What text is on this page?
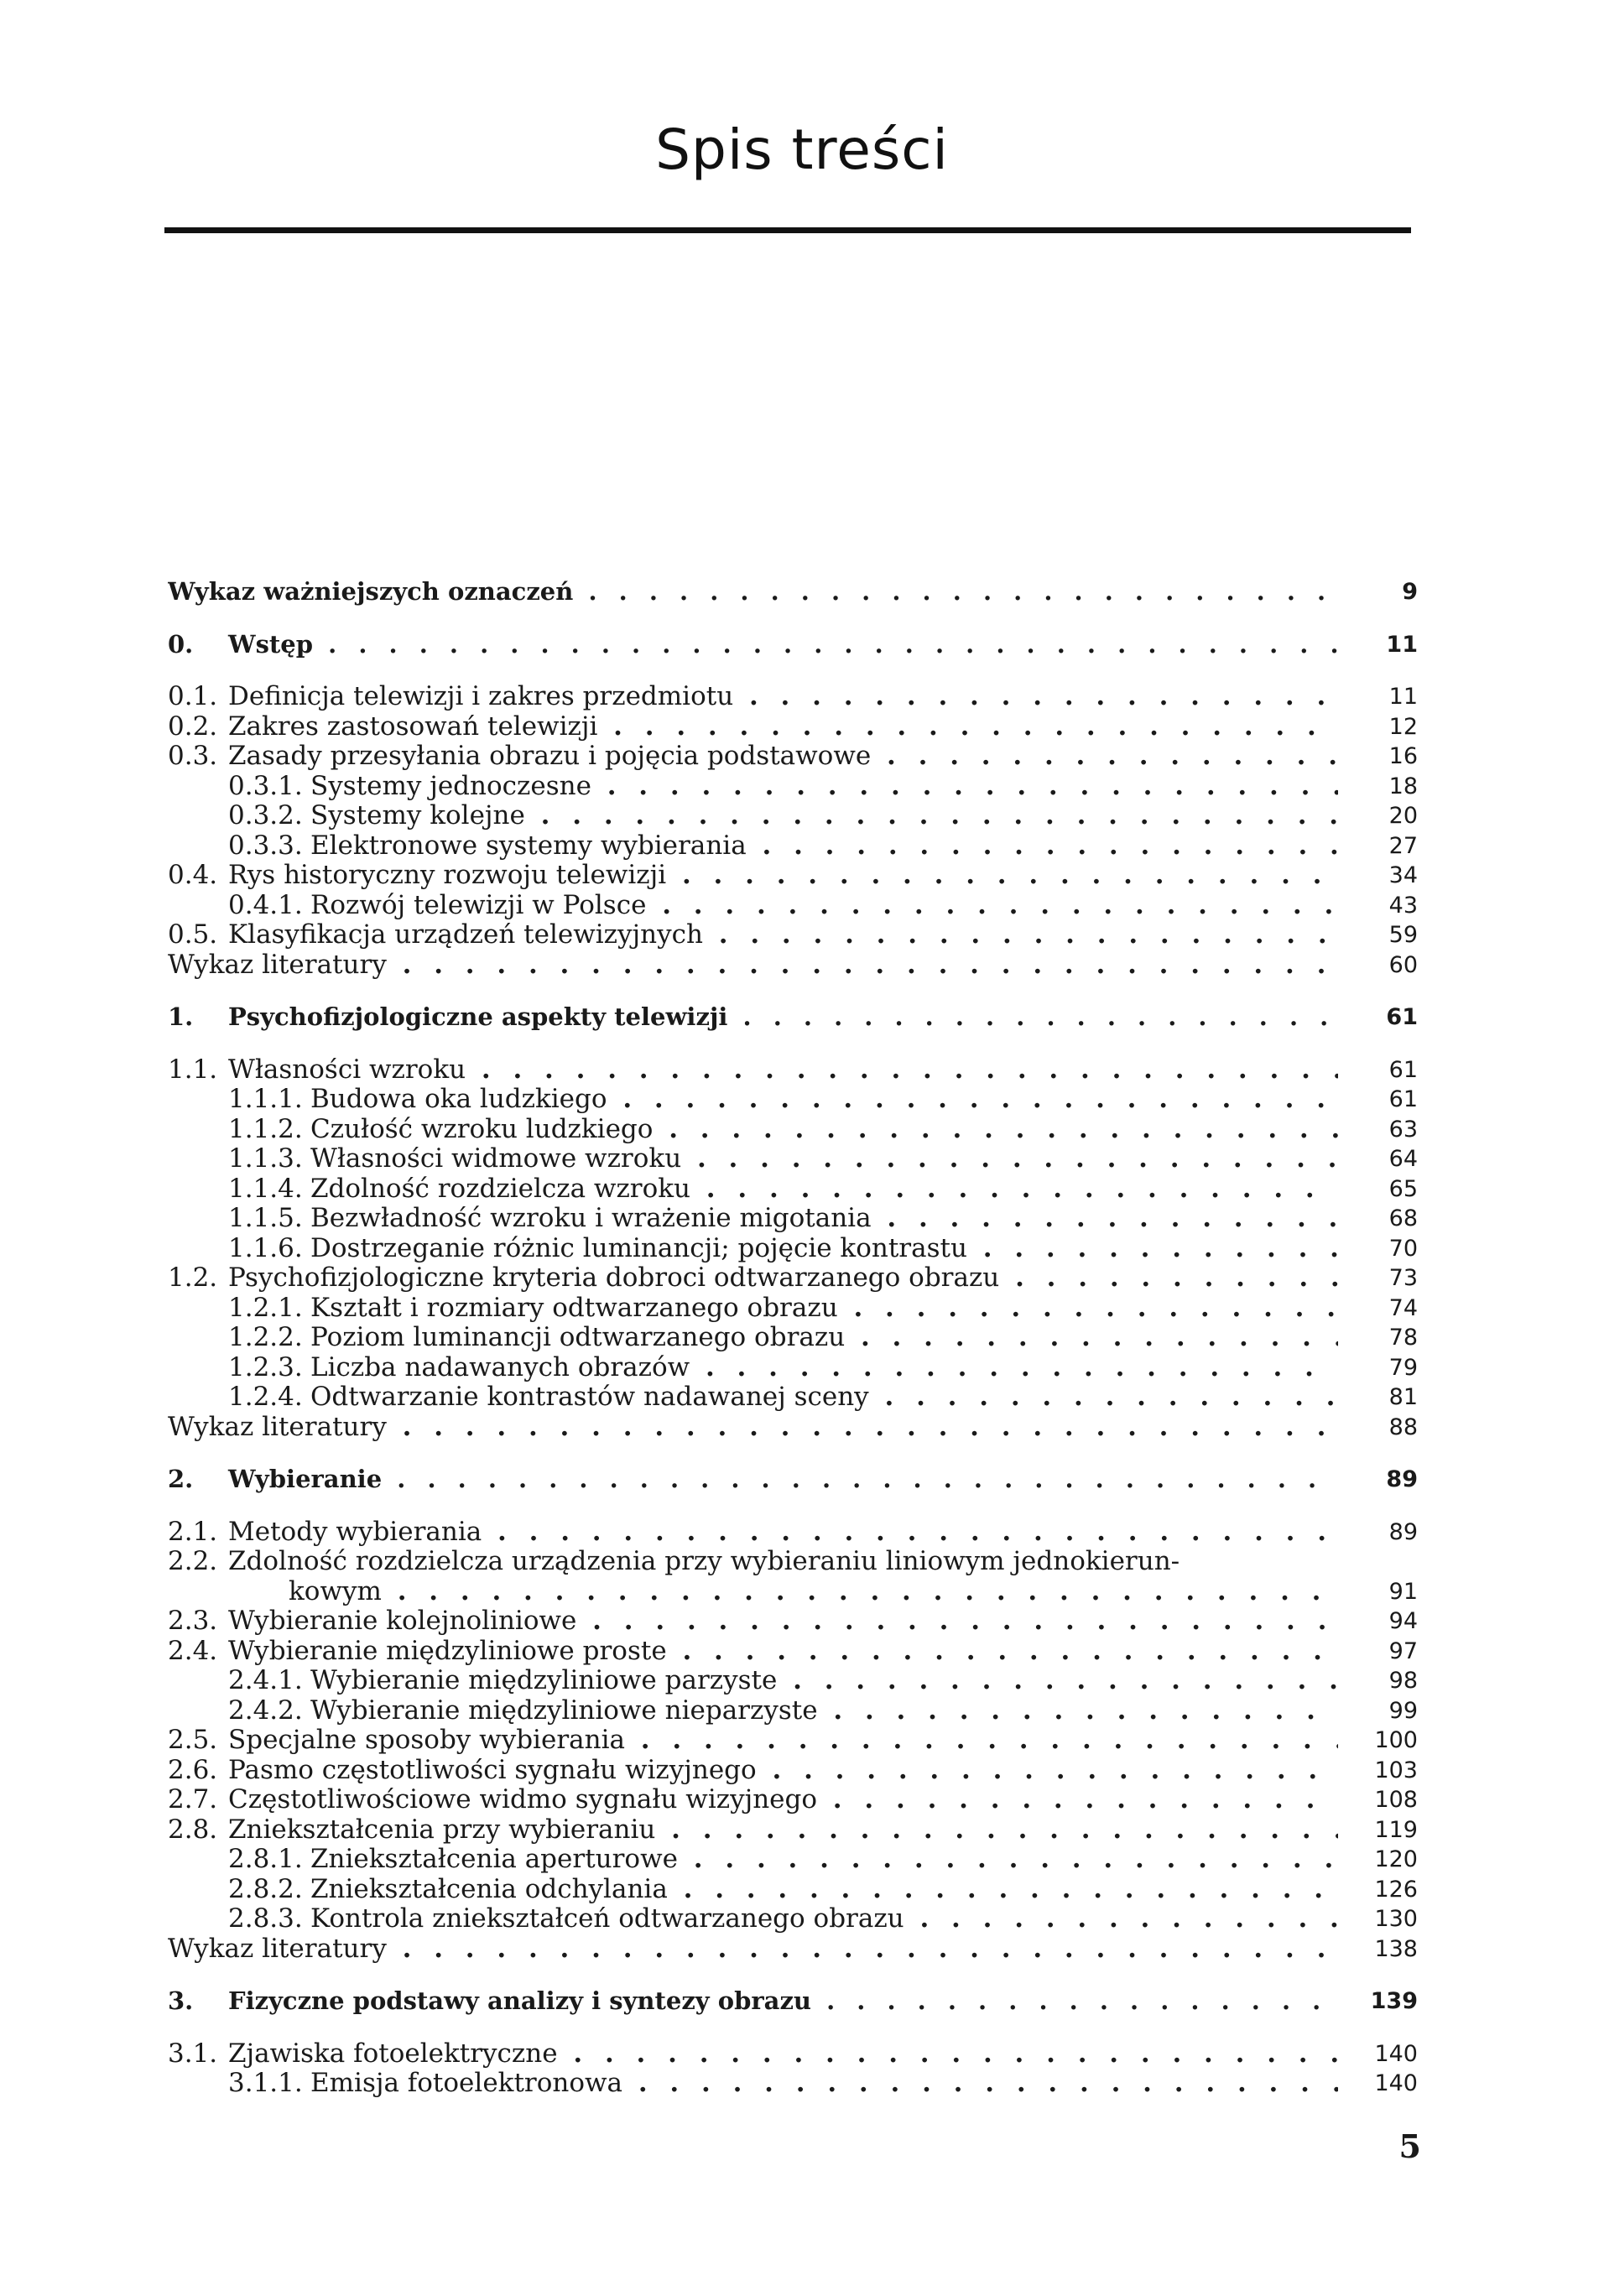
Spis treści
Wykaz ważniejszych oznaczeń . . .	9
0. Wstęp . . .	11
0.1. Definicja telewizji i zakres przedmiotu . . .	11
0.2. Zakres zastosowań telewizji . . .	12
0.3. Zasady przesyłania obrazu i pojęcia podstawowe . . .	16
0.3.1. Systemy jednoczesne . . .	18
0.3.2. Systemy kolejne . . .	20
0.3.3. Elektronowe systemy wybierania . . .	27
0.4. Rys historyczny rozwoju telewizji . . .	34
0.4.1. Rozwój telewizji w Polsce . . .	43
0.5. Klasyfikacja urządzeń telewizyjnych . . .	59
Wykaz literatury . . .	60
1. Psychofizjologiczne aspekty telewizji . . .	61
1.1. Własności wzroku . . .	61
1.1.1. Budowa oka ludzkiego . . .	61
1.1.2. Czułość wzroku ludzkiego . . .	63
1.1.3. Własności widmowe wzroku . . .	64
1.1.4. Zdolność rozdzielcza wzroku . . .	65
1.1.5. Bezwładność wzroku i wrażenie migotania . . .	68
1.1.6. Dostrzeganie różnic luminancji; pojęcie kontrastu . . .	70
1.2. Psychofizjologiczne kryteria dobroci odtwarzanego obrazu . . .	73
1.2.1. Kształt i rozmiary odtwarzanego obrazu . . .	74
1.2.2. Poziom luminancji odtwarzanego obrazu . . .	78
1.2.3. Liczba nadawanych obrazów . . .	79
1.2.4. Odtwarzanie kontrastów nadawanej sceny . . .	81
Wykaz literatury . . .	88
2. Wybieranie . . .	89
2.1. Metody wybierania . . .	89
2.2. Zdolność rozdzielcza urządzenia przy wybieraniu liniowym jednokierun-
kowym . . .	91
2.3. Wybieranie kolejnoliniowe . . .	94
2.4. Wybieranie międzyliniowe proste . . .	97
2.4.1. Wybieranie międzyliniowe parzyste . . .	98
2.4.2. Wybieranie międzyliniowe nieparzyste . . .	99
2.5. Specjalne sposoby wybierania . . .	100
2.6. Pasmo częstotliwości sygnału wizyjnego . . .	103
2.7. Częstotliwościowe widmo sygnału wizyjnego . . .	108
2.8. Zniekształcenia przy wybieraniu . . .	119
2.8.1. Zniekształcenia aperturowe . . .	120
2.8.2. Zniekształcenia odchylania . . .	126
2.8.3. Kontrola zniekształceń odtwarzanego obrazu . . .	130
Wykaz literatury . . .	138
3. Fizyczne podstawy analizy i syntezy obrazu . . .	139
3.1. Zjawiska fotoelektryczne . . .	140
3.1.1. Emisja fotoelektronowa . . .	140
5
